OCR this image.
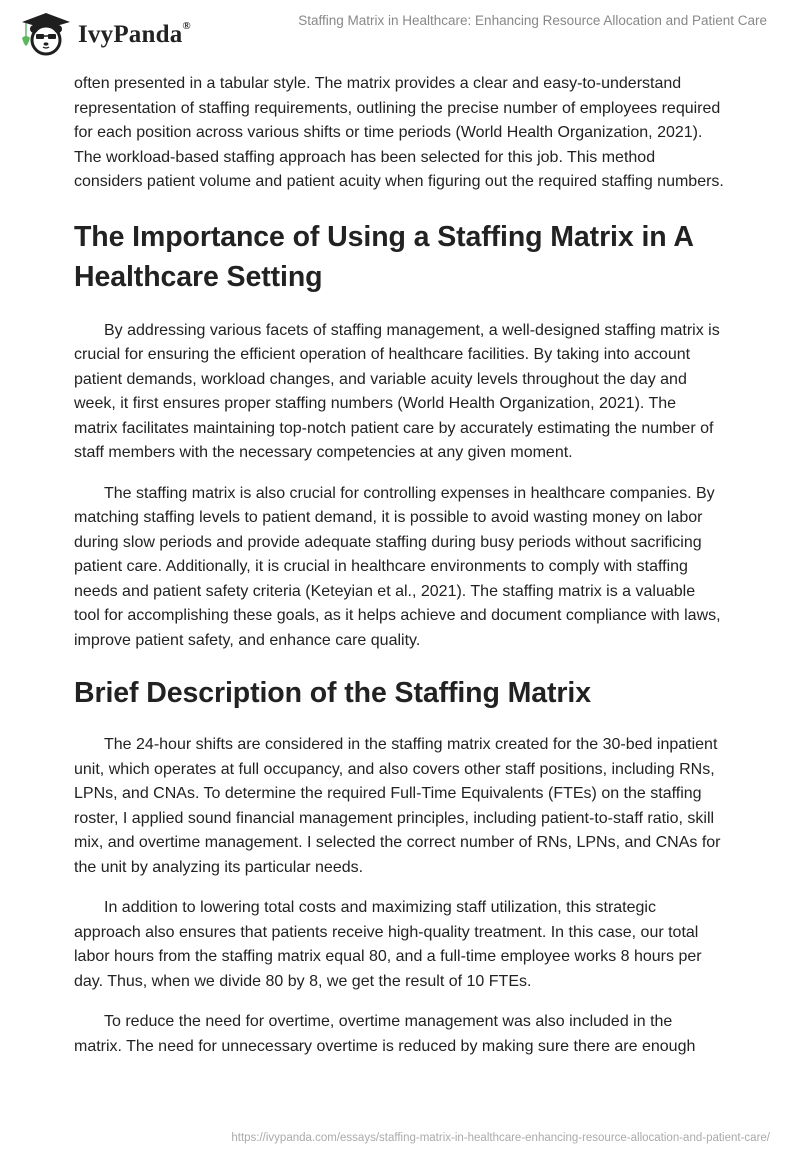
IvyPanda®	Staffing Matrix in Healthcare: Enhancing Resource Allocation and Patient Care

often presented in a tabular style. The matrix provides a clear and easy-to-understand representation of staffing requirements, outlining the precise number of employees required for each position across various shifts or time periods (World Health Organization, 2021). The workload-based staffing approach has been selected for this job. This method considers patient volume and patient acuity when figuring out the required staffing numbers.

The Importance of Using a Staffing Matrix in A Healthcare Setting

By addressing various facets of staffing management, a well-designed staffing matrix is crucial for ensuring the efficient operation of healthcare facilities. By taking into account patient demands, workload changes, and variable acuity levels throughout the day and week, it first ensures proper staffing numbers (World Health Organization, 2021). The matrix facilitates maintaining top-notch patient care by accurately estimating the number of staff members with the necessary competencies at any given moment.

The staffing matrix is also crucial for controlling expenses in healthcare companies. By matching staffing levels to patient demand, it is possible to avoid wasting money on labor during slow periods and provide adequate staffing during busy periods without sacrificing patient care. Additionally, it is crucial in healthcare environments to comply with staffing needs and patient safety criteria (Keteyian et al., 2021). The staffing matrix is a valuable tool for accomplishing these goals, as it helps achieve and document compliance with laws, improve patient safety, and enhance care quality.

Brief Description of the Staffing Matrix

The 24-hour shifts are considered in the staffing matrix created for the 30-bed inpatient unit, which operates at full occupancy, and also covers other staff positions, including RNs, LPNs, and CNAs. To determine the required Full-Time Equivalents (FTEs) on the staffing roster, I applied sound financial management principles, including patient-to-staff ratio, skill mix, and overtime management. I selected the correct number of RNs, LPNs, and CNAs for the unit by analyzing its particular needs.

In addition to lowering total costs and maximizing staff utilization, this strategic approach also ensures that patients receive high-quality treatment. In this case, our total labor hours from the staffing matrix equal 80, and a full-time employee works 8 hours per day. Thus, when we divide 80 by 8, we get the result of 10 FTEs.

To reduce the need for overtime, overtime management was also included in the matrix. The need for unnecessary overtime is reduced by making sure there are enough

https://ivypanda.com/essays/staffing-matrix-in-healthcare-enhancing-resource-allocation-and-patient-care/
